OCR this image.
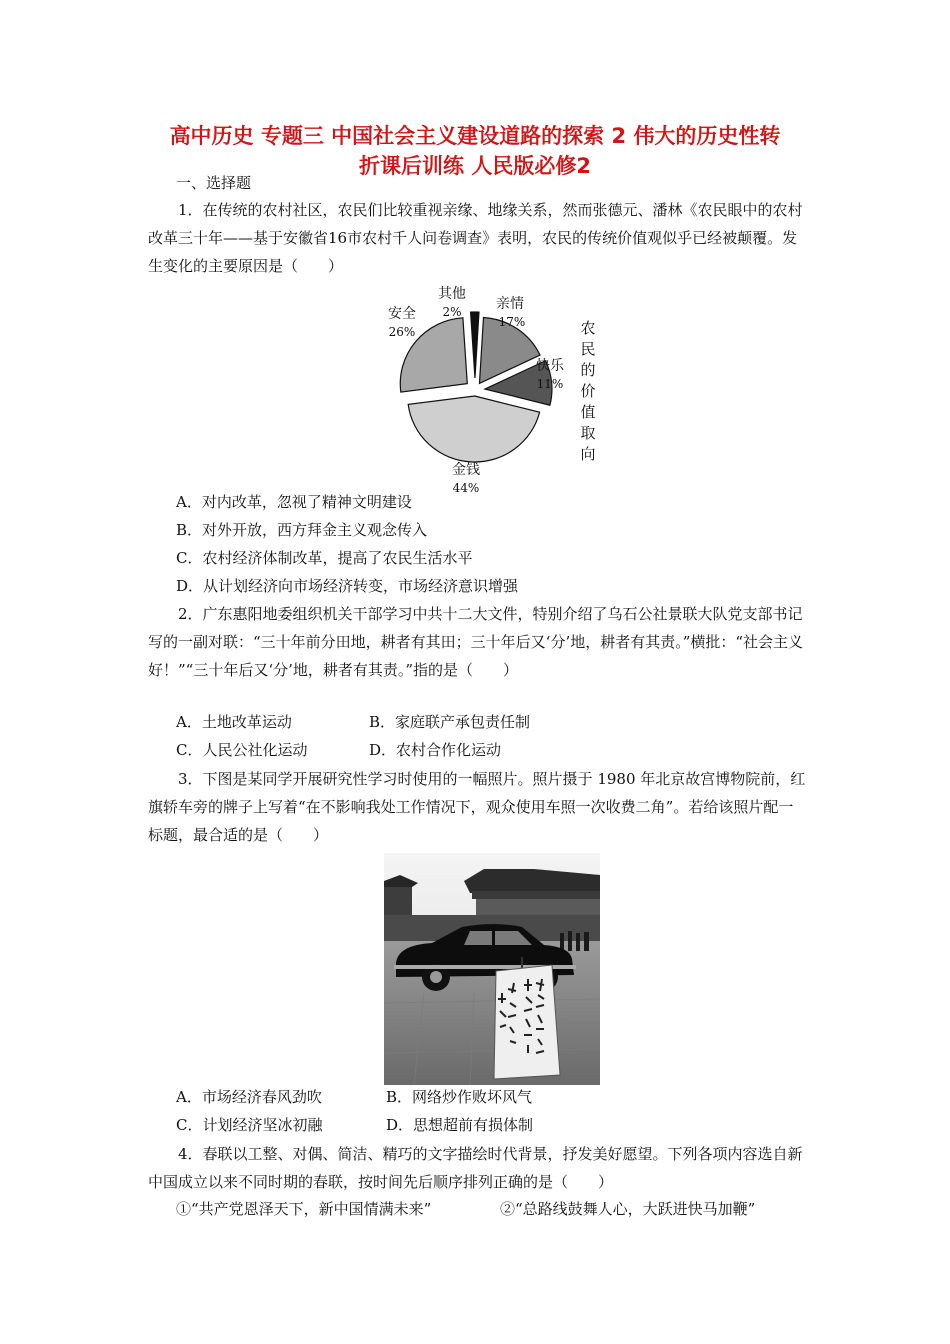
高中历史 专题三 中国社会主义建设道路的探索 2 伟大的历史性转
折课后训练 人民版必修2
一、选择题
1．在传统的农村社区，农民们比较重视亲缘、地缘关系，然而张德元、潘林《农民眼中的农村改革三十年——基于安徽省16市农村千人问卷调查》表明，农民的传统价值观似乎已经被颠覆。发生变化的主要原因是（　　）
亲情
17%
快乐
11%
金钱
44%
安全
26%
其他
2%
农
民
的
价
值
取
向
A．对内改革，忽视了精神文明建设
B．对外开放，西方拜金主义观念传入
C．农村经济体制改革，提高了农民生活水平
D．从计划经济向市场经济转变，市场经济意识增强
2．广东惠阳地委组织机关干部学习中共十二大文件，特别介绍了乌石公社景联大队党支部书记写的一副对联：“三十年前分田地，耕者有其田；三十年后又‘分’地，耕者有其责。”横批：“社会主义好！”“三十年后又‘分’地，耕者有其责。”指的是（　　）
A．土地改革运动	B．家庭联产承包责任制
C．人民公社化运动	D．农村合作化运动
3．下图是某同学开展研究性学习时使用的一幅照片。照片摄于 1980 年北京故宫博物院前，红旗轿车旁的牌子上写着“在不影响我处工作情况下，观众使用车照一次收费二角”。若给该照片配一标题，最合适的是（　　）
A．市场经济春风劲吹	B．网络炒作败坏风气
C．计划经济坚冰初融	D．思想超前有损体制
4．春联以工整、对偶、简洁、精巧的文字描绘时代背景，抒发美好愿望。下列各项内容选自新中国成立以来不同时期的春联，按时间先后顺序排列正确的是（　　）
①“共产党恩泽天下，新中国情满未来”	②“总路线鼓舞人心，大跃进快马加鞭”
